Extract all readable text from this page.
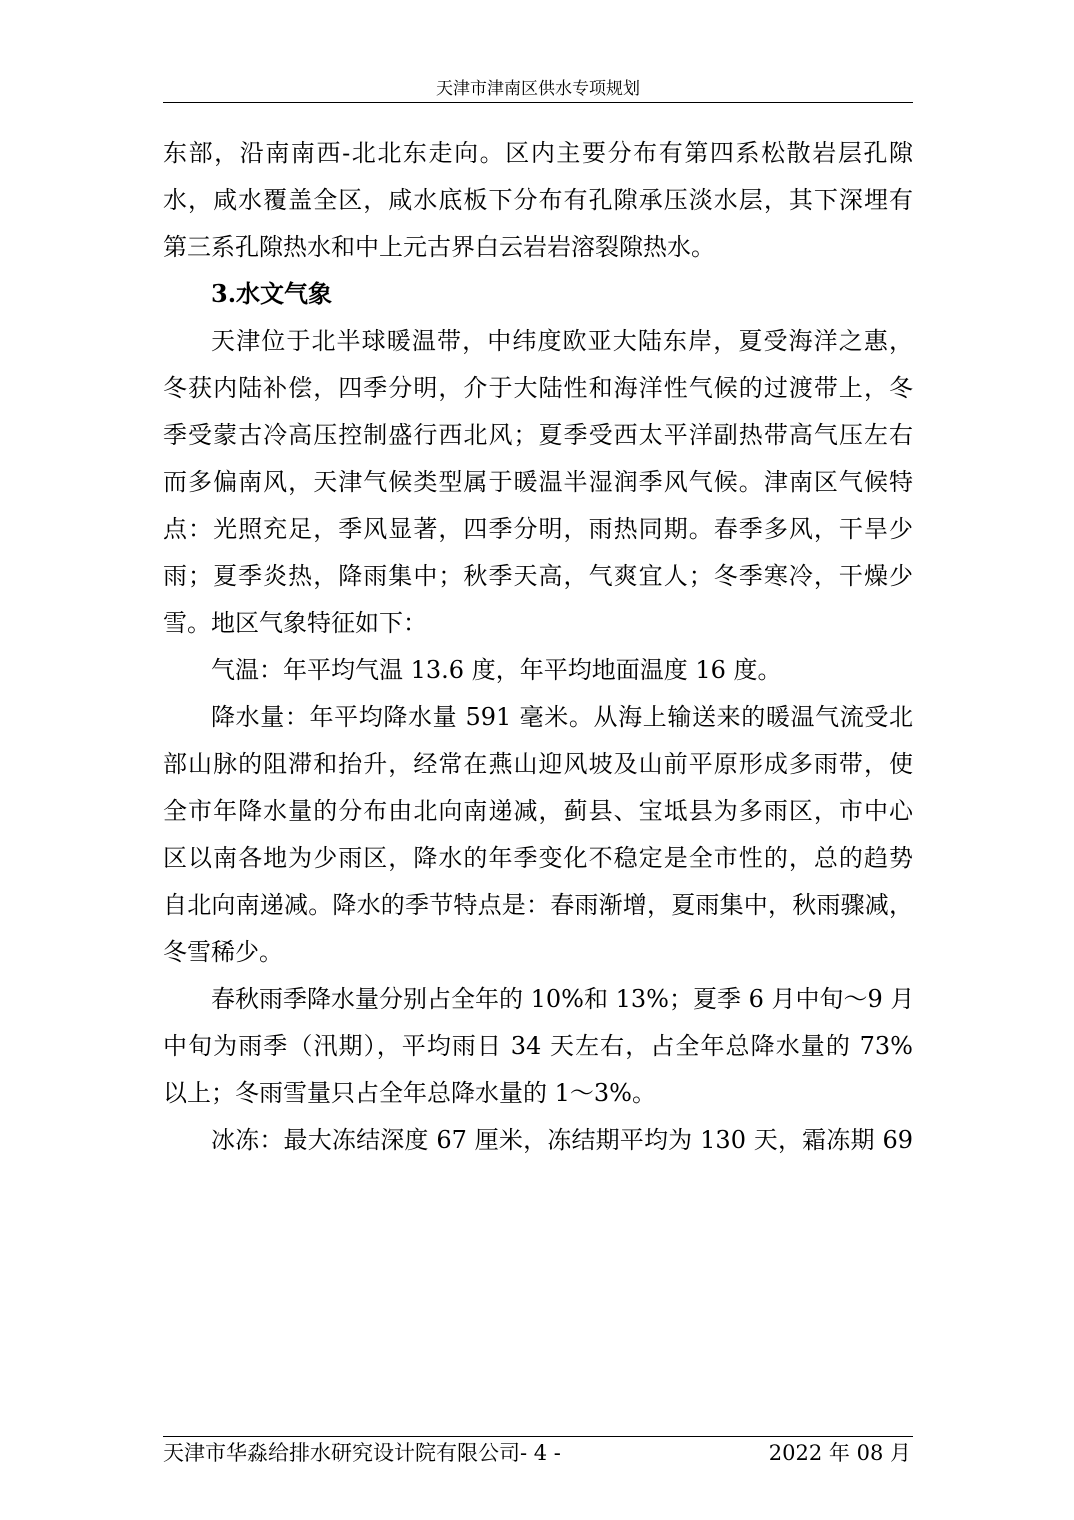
天津市津南区供水专项规划
东部，沿南南西-北北东走向。区内主要分布有第四系松散岩层孔隙
水，咸水覆盖全区，咸水底板下分布有孔隙承压淡水层，其下深埋有
第三系孔隙热水和中上元古界白云岩岩溶裂隙热水。
3.水文气象
天津位于北半球暖温带，中纬度欧亚大陆东岸，夏受海洋之惠，
冬获内陆补偿，四季分明，介于大陆性和海洋性气候的过渡带上，冬
季受蒙古冷高压控制盛行西北风；夏季受西太平洋副热带高气压左右
而多偏南风，天津气候类型属于暖温半湿润季风气候。津南区气候特
点：光照充足，季风显著，四季分明，雨热同期。春季多风，干旱少
雨；夏季炎热，降雨集中；秋季天高，气爽宜人；冬季寒冷，干燥少
雪。地区气象特征如下：
气温：年平均气温 13.6 度，年平均地面温度 16 度。
降水量：年平均降水量 591 毫米。从海上输送来的暖温气流受北
部山脉的阻滞和抬升，经常在燕山迎风坡及山前平原形成多雨带，使
全市年降水量的分布由北向南递减，蓟县、宝坻县为多雨区，市中心
区以南各地为少雨区，降水的年季变化不稳定是全市性的，总的趋势
自北向南递减。降水的季节特点是：春雨渐增，夏雨集中，秋雨骤减，
冬雪稀少。
春秋雨季降水量分别占全年的 10%和 13%；夏季 6 月中旬～9 月
中旬为雨季（汛期），平均雨日 34 天左右，占全年总降水量的 73%
以上；冬雨雪量只占全年总降水量的 1～3%。
冰冻：最大冻结深度 67 厘米，冻结期平均为 130 天，霜冻期 69
天津市华淼给排水研究设计院有限公司- 4 -	2022 年 08 月
